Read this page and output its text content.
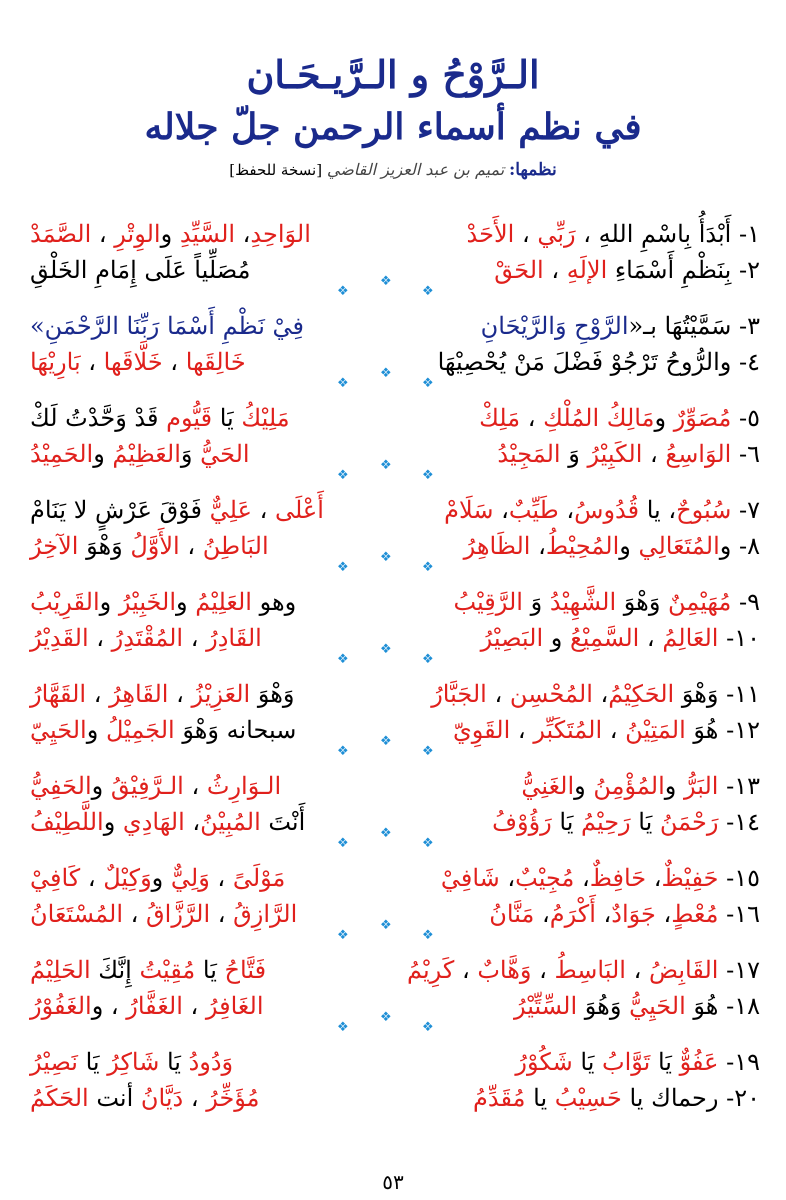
الـرَّوْحُ و الـرَّيـحَـان
في نظم أسماء الرحمن جلّ جلاله
نظمها: تميم بن عبد العزيز القاضي [نسخة للحفظ]
١- أَبْدَأُ بِاسْمِ اللهِ ، رَبِّي ، الأَحَدْ
الوَاحِدِ، السَّيِّدِ والوِتْرِ ، الصَّمَدْ
٢- بِنَظْمِ أَسْمَاءِ الإلَهِ ، الحَقْ
مُصَلِّياً عَلَى إِمَامِ الخَلْقِ
❖
❖
❖
٣- سَمَّيْتُهَا بـ«الرَّوْحِ وَالرَّيْحَانِ
فِيْ نَظْمِ أَسْمَا رَبِّنَا الرَّحْمَنِ»
٤- والرُّوحُ تَرْجُوْ فَضْلَ مَنْ يُحْصِيْهَا
خَالِقَها ، خَلَّاقَها ، بَارِيْهَا
❖
❖
❖
٥- مُصَوِّرٌ ومَالِكُ المُلْكِ ، مَلِكْ
مَلِيْكُ يَا قَيُّوم قَدْ وَحَّدْتُ لَكْ
٦- الوَاسِعُ ، الكَبِيْرُ وَ المَجِيْدُ
الحَيُّ وَالعَظِيْمُ والحَمِيْدُ
❖
❖
❖
٧- سُبُوحٌ، يا قُدُوسُ، طَيِّبٌ، سَلَامْ
أَعْلَى ، عَلِيٌّ فَوْقَ عَرْشٍ لا يَنَامْ
٨- والمُتَعَالِي والمُحِيْطُ، الظَاهِرُ
البَاطِنُ ، الأَوَّلُ وَهْوَ الآخِرُ
❖
❖
❖
٩- مُهَيْمِنٌ وَهْوَ الشَّهِيْدُ وَ الرَّقِيْبُ
وهو العَلِيْمُ والخَبِيْرُ والقَرِيْبُ
١٠- العَالِمُ ، السَّمِيْعُ و البَصِيْرُ
القَادِرُ ، المُقْتَدِرُ ، القَدِيْرُ
❖
❖
❖
١١- وَهْوَ الحَكِيْمُ، المُحْسِن ، الجَبَّارُ
وَهْوَ العَزِيْزُ ، القَاهِرُ ، القَهَّارُ
١٢- هُوَ المَتِيْنُ ، المُتَكَبِّر ، القَوِيّ
سبحانه وَهْوَ الجَمِيْلُ والحَيِيّ
❖
❖
❖
١٣- البَرُّ والمُؤْمِنُ والغَنِيُّ
الـوَارِثُ ، الـرَّفِيْقُ والحَفِيُّ
١٤- رَحْمَنُ يَا رَحِيْمُ يَا رَؤُوْفُ
أَنْتَ المُبِيْنُ، الهَادِي واللَّطِيْفُ
❖
❖
❖
١٥- حَفِيْظٌ، حَافِظٌ، مُجِيْبٌ، شَافِيْ
مَوْلَىً ، وَلِيٌّ ووَكِيْلٌ ، كَافِيْ
١٦- مُعْطٍ، جَوَادٌ، أَكْرَمُ، مَنَّانُ
الرَّازِقُ ، الرَّزَّاقُ ، المُسْتَعَانُ
❖
❖
❖
١٧- القَابِضُ ، البَاسِطُ ، وَهَّابٌ ، كَرِيْمُ
فَتَّاحُ يَا مُقِيْتُ إِنَّكَ الحَلِيْمُ
١٨- هُوَ الحَيِيُّ وَهُوَ السِّتِّيْرُ
الغَافِرُ ، الغَفَّارُ ، والغَفُوْرُ
❖
❖
❖
١٩- عَفُوٌّ يَا تَوَّابُ يَا شَكُوْرُ
وَدُودُ يَا شَاكِرُ يَا نَصِيْرُ
٢٠- رحماك يا حَسِيْبُ يا مُقَدِّمُ
مُؤَخِّرُ ، دَيَّانُ أنت الحَكَمُ
٥٣
